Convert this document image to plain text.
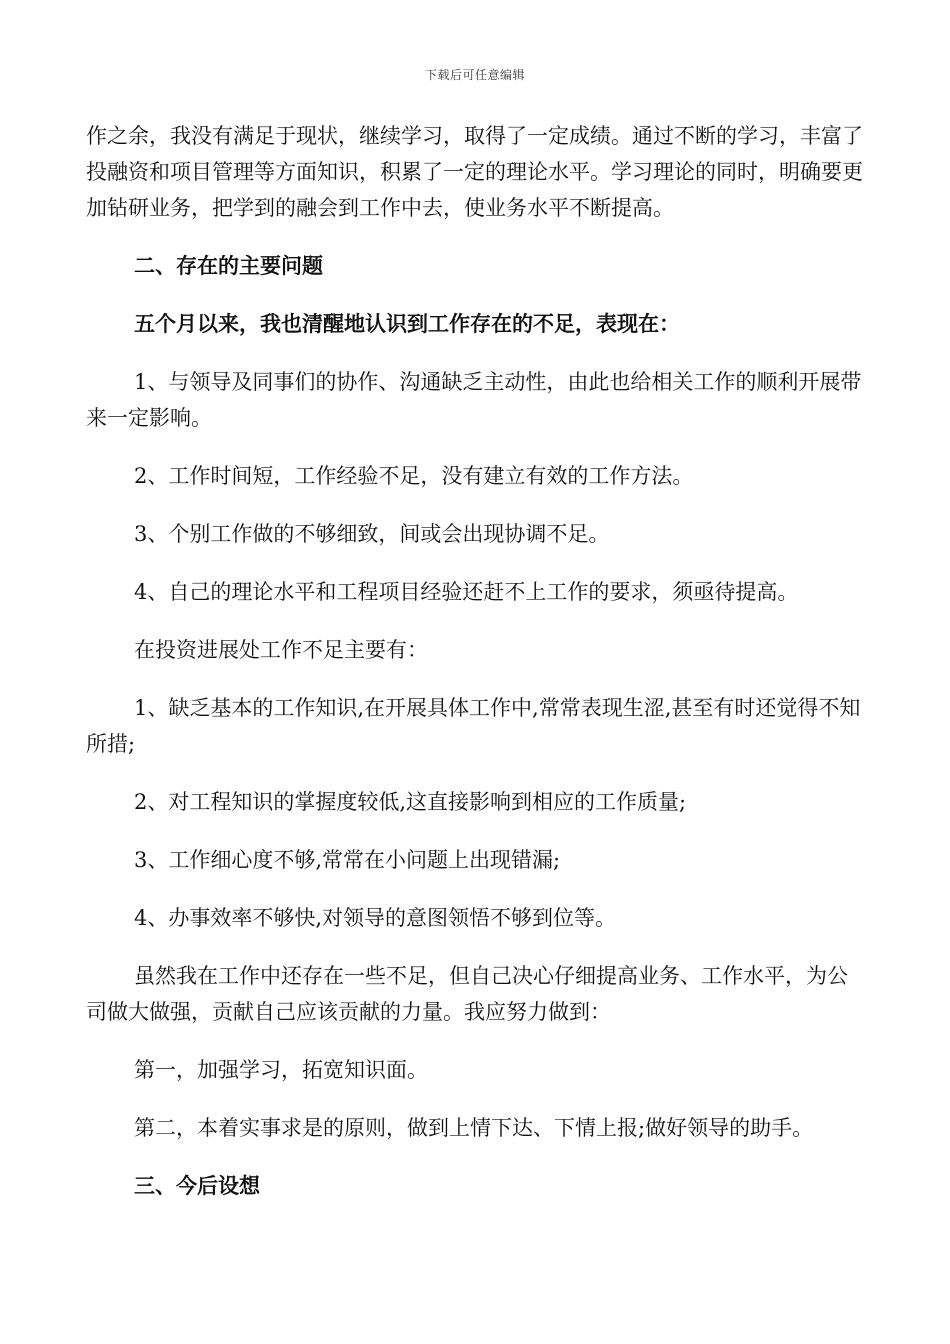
下载后可任意编辑

作之余，我没有满足于现状，继续学习，取得了一定成绩。通过不断的学习，丰富了投融资和项目管理等方面知识，积累了一定的理论水平。学习理论的同时，明确要更加钻研业务，把学到的融会到工作中去，使业务水平不断提高。

二、存在的主要问题

五个月以来，我也清醒地认识到工作存在的不足，表现在：

1、与领导及同事们的协作、沟通缺乏主动性，由此也给相关工作的顺利开展带来一定影响。

2、工作时间短，工作经验不足，没有建立有效的工作方法。

3、个别工作做的不够细致，间或会出现协调不足。

4、自己的理论水平和工程项目经验还赶不上工作的要求，须亟待提高。

在投资进展处工作不足主要有：

1、缺乏基本的工作知识,在开展具体工作中,常常表现生涩,甚至有时还觉得不知所措;

2、对工程知识的掌握度较低,这直接影响到相应的工作质量;

3、工作细心度不够,常常在小问题上出现错漏;

4、办事效率不够快,对领导的意图领悟不够到位等。

虽然我在工作中还存在一些不足，但自己决心仔细提高业务、工作水平，为公司做大做强，贡献自己应该贡献的力量。我应努力做到：

第一，加强学习，拓宽知识面。

第二，本着实事求是的原则，做到上情下达、下情上报;做好领导的助手。

三、今后设想
